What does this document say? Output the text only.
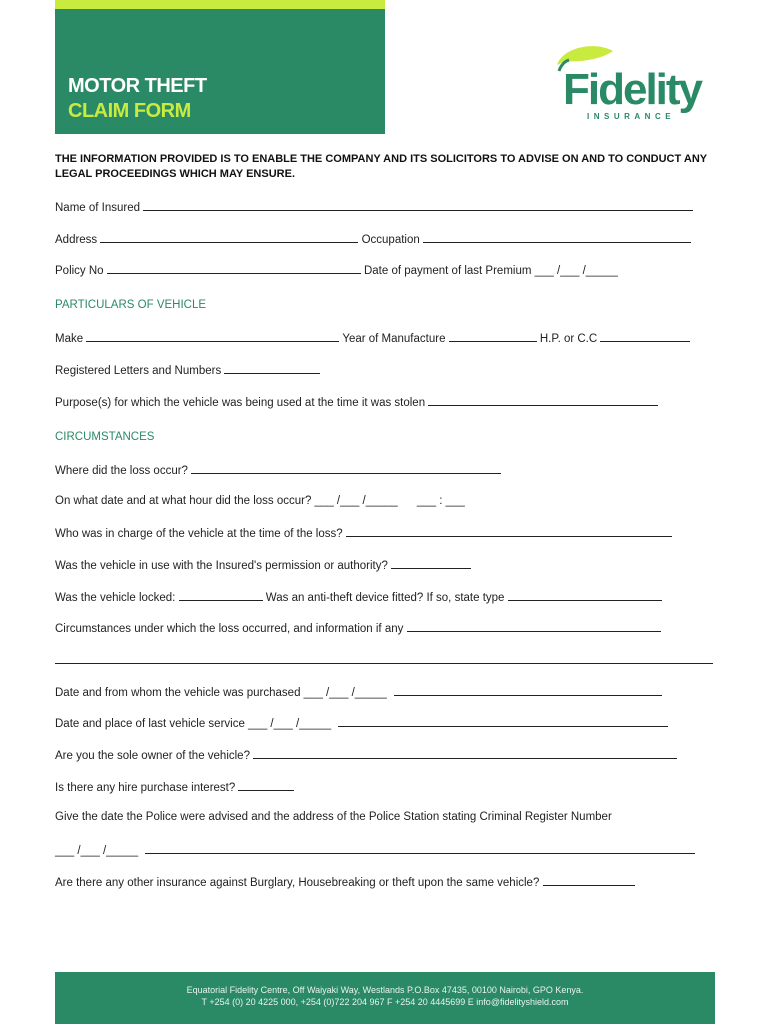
MOTOR THEFT
CLAIM FORM	Fidelity
INSURANCE
THE INFORMATION PROVIDED IS TO ENABLE THE COMPANY AND ITS SOLICITORS TO ADVISE ON AND TO CONDUCT ANY LEGAL PROCEEDINGS WHICH MAY ENSURE.
Name of Insured
Address	Occupation
Policy No	Date of payment of last Premium ___ /___ /_____
PARTICULARS OF VEHICLE
Make	Year of Manufacture	H.P. or C.C
Registered Letters and Numbers
Purpose(s) for which the vehicle was being used at the time it was stolen
CIRCUMSTANCES
Where did the loss occur?
On what date and at what hour did the loss occur? ___ /___ /_____      ___ : ___
Who was in charge of the vehicle at the time of the loss?
Was the vehicle in use with the Insured's permission or authority?
Was the vehicle locked:	Was an anti-theft device fitted? If so, state type
Circumstances under which the loss occurred, and information if any
Date and from whom the vehicle was purchased ___ /___ /_____
Date and place of last vehicle service ___ /___ /_____
Are you the sole owner of the vehicle?
Is there any hire purchase interest?
Give the date the Police were advised and the address of the Police Station stating Criminal Register Number
___ /___ /_____
Are there any other insurance against Burglary, Housebreaking or theft upon the same vehicle?
Equatorial Fidelity Centre, Off Waiyaki Way, Westlands P.O.Box 47435, 00100 Nairobi, GPO Kenya.
T +254 (0) 20 4225 000, +254 (0)722 204 967 F +254 20 4445699 E info@fidelityshield.com
